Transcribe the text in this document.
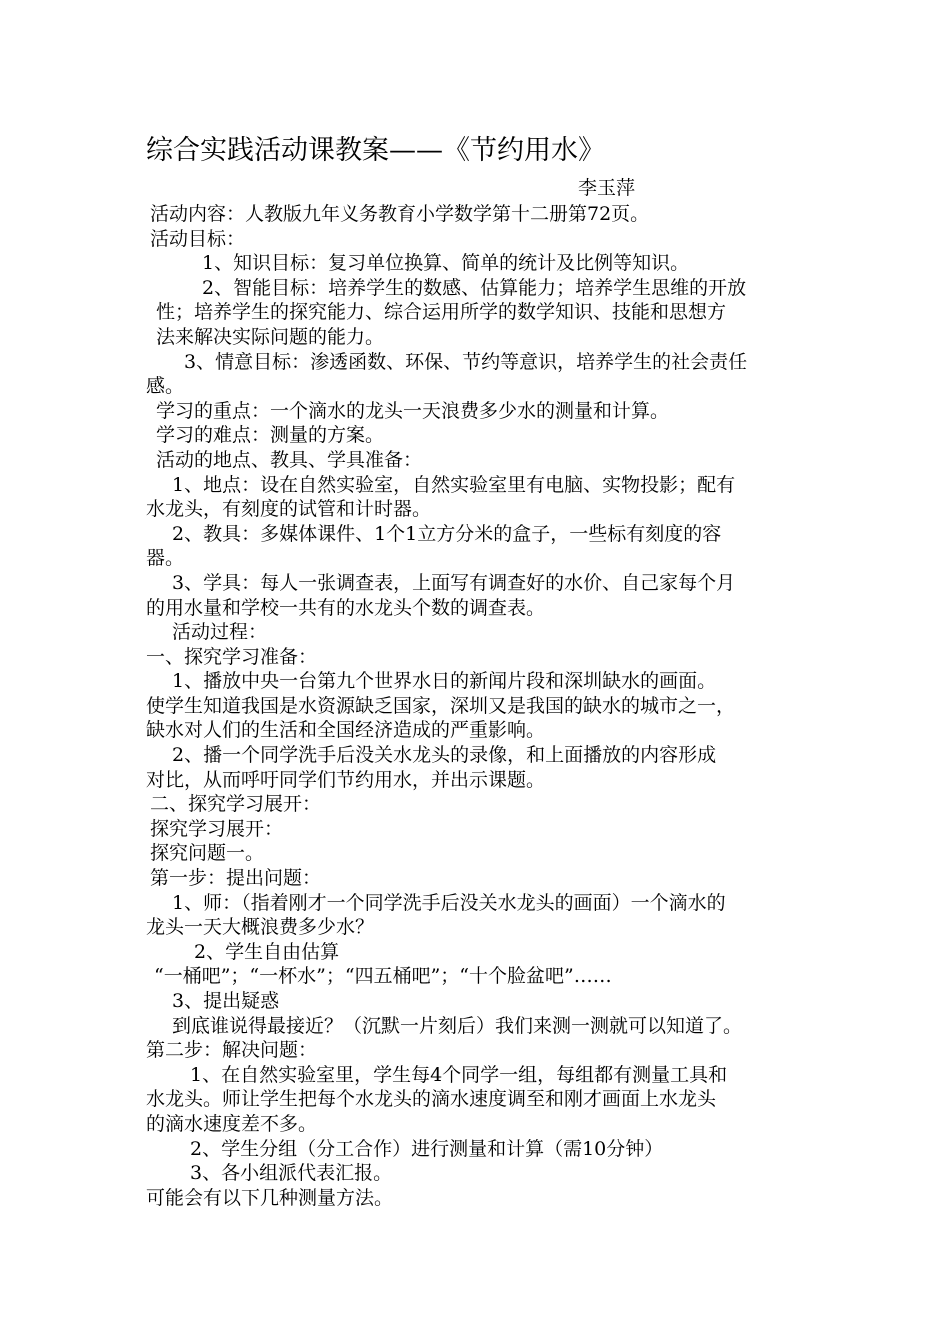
综合实践活动课教案——《节约用水》
李玉萍
活动内容：人教版九年义务教育小学数学第十二册第72页。
活动目标：
1、知识目标：复习单位换算、简单的统计及比例等知识。
2、智能目标：培养学生的数感、估算能力；培养学生思维的开放
性；培养学生的探究能力、综合运用所学的数学知识、技能和思想方
法来解决实际问题的能力。
3、情意目标：渗透函数、环保、节约等意识，培养学生的社会责任
感。
学习的重点：一个滴水的龙头一天浪费多少水的测量和计算。
学习的难点：测量的方案。
活动的地点、教具、学具准备：
1、地点：设在自然实验室，自然实验室里有电脑、实物投影；配有
水龙头，有刻度的试管和计时器。
2、教具：多媒体课件、1个1立方分米的盒子，一些标有刻度的容
器。
3、学具：每人一张调查表，上面写有调查好的水价、自己家每个月
的用水量和学校一共有的水龙头个数的调查表。
活动过程：
一、探究学习准备：
1、播放中央一台第九个世界水日的新闻片段和深圳缺水的画面。
使学生知道我国是水资源缺乏国家，深圳又是我国的缺水的城市之一，
缺水对人们的生活和全国经济造成的严重影响。
2、播一个同学洗手后没关水龙头的录像，和上面播放的内容形成
对比，从而呼吁同学们节约用水，并出示课题。
二、探究学习展开：
探究学习展开：
探究问题一。
第一步：提出问题：
1、师：（指着刚才一个同学洗手后没关水龙头的画面）一个滴水的
龙头一天大概浪费多少水？
2、学生自由估算
“一桶吧”；“一杯水”；“四五桶吧”；“十个脸盆吧”……
3、提出疑惑
到底谁说得最接近？（沉默一片刻后）我们来测一测就可以知道了。
第二步：解决问题：
1、在自然实验室里，学生每4个同学一组，每组都有测量工具和
水龙头。师让学生把每个水龙头的滴水速度调至和刚才画面上水龙头
的滴水速度差不多。
2、学生分组（分工合作）进行测量和计算（需10分钟）
3、各小组派代表汇报。
可能会有以下几种测量方法。
